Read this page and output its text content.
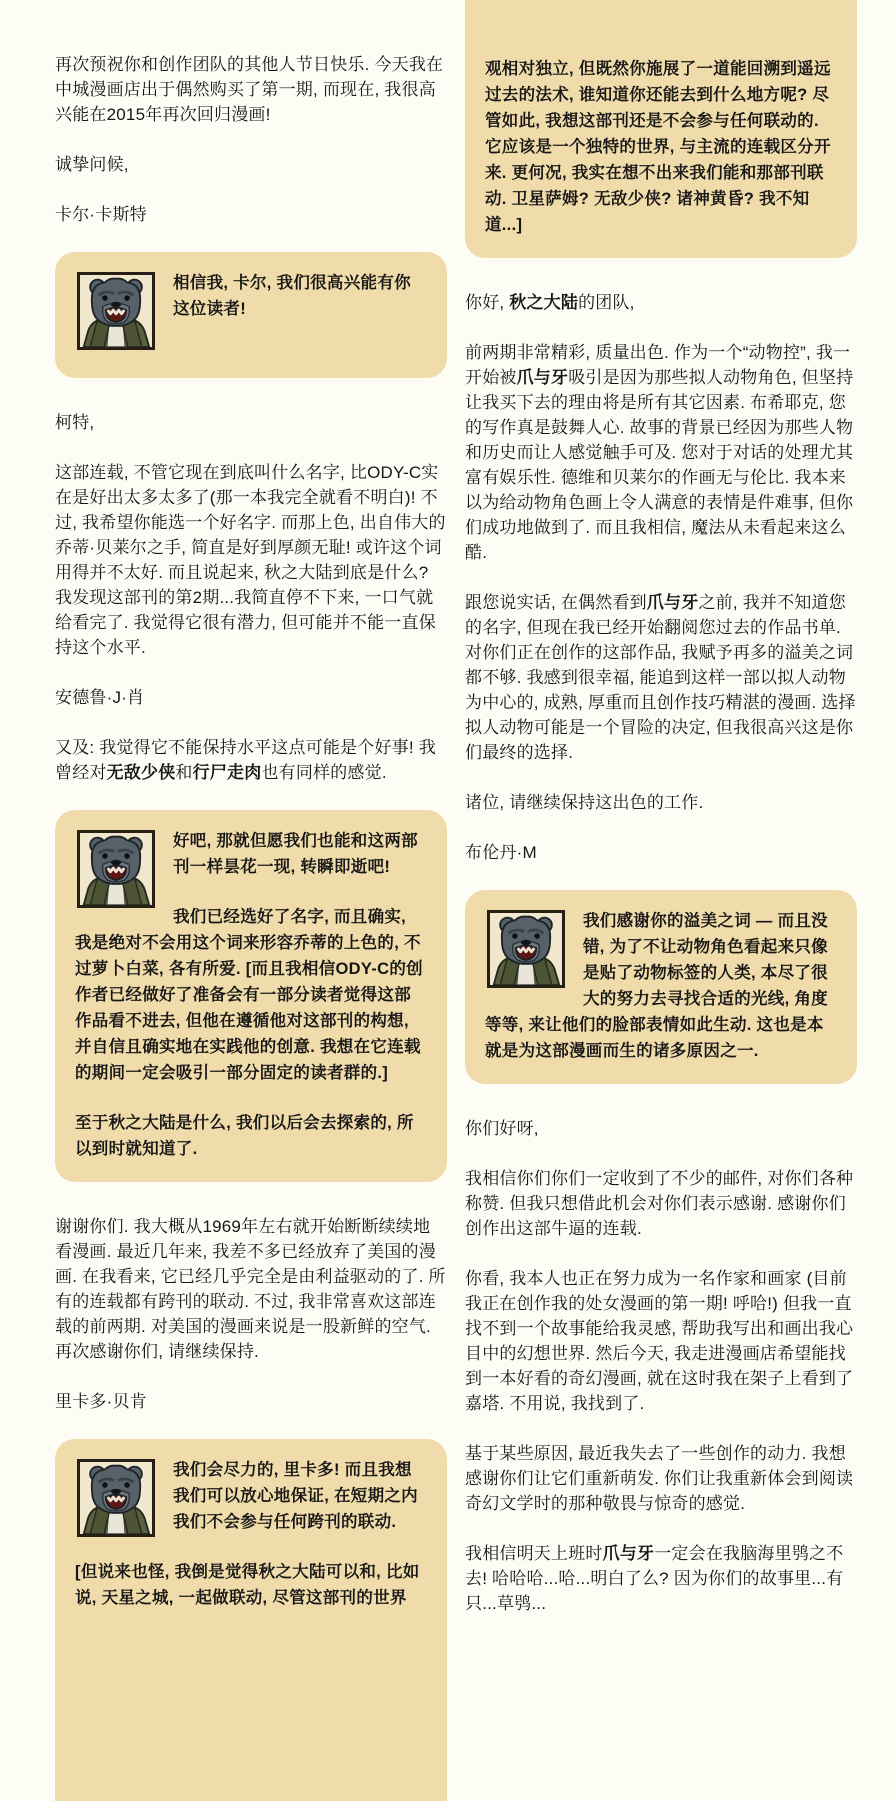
再次预祝你和创作团队的其他人节日快乐. 今天我在中城漫画店出于偶然购买了第一期, 而现在, 我很高兴能在2015年再次回归漫画!

诚挚问候,

卡尔·卡斯特

相信我, 卡尔, 我们很高兴能有你这位读者!

柯特,

这部连载, 不管它现在到底叫什么名字, 比ODY-C实在是好出太多太多了(那一本我完全就看不明白)! 不过, 我希望你能选一个好名字. 而那上色, 出自伟大的乔蒂·贝莱尔之手, 简直是好到厚颜无耻! 或许这个词用得并不太好. 而且说起来, 秋之大陆到底是什么? 我发现这部刊的第2期...我简直停不下来, 一口气就给看完了. 我觉得它很有潜力, 但可能并不能一直保持这个水平.

安德鲁·J·肖

又及: 我觉得它不能保持水平这点可能是个好事! 我曾经对无敌少侠和行尸走肉也有同样的感觉.

好吧, 那就但愿我们也能和这两部刊一样昙花一现, 转瞬即逝吧!

我们已经选好了名字, 而且确实, 我是绝对不会用这个词来形容乔蒂的上色的, 不过萝卜白菜, 各有所爱. [而且我相信ODY-C的创作者已经做好了准备会有一部分读者觉得这部作品看不进去, 但他在遵循他对这部刊的构想, 并自信且确实地在实践他的创意. 我想在它连载的期间一定会吸引一部分固定的读者群的.]

至于秋之大陆是什么, 我们以后会去探索的, 所以到时就知道了.

谢谢你们. 我大概从1969年左右就开始断断续续地看漫画. 最近几年来, 我差不多已经放弃了美国的漫画. 在我看来, 它已经几乎完全是由利益驱动的了. 所有的连载都有跨刊的联动. 不过, 我非常喜欢这部连载的前两期. 对美国的漫画来说是一股新鲜的空气. 再次感谢你们, 请继续保持.

里卡多·贝肯

我们会尽力的, 里卡多! 而且我想我们可以放心地保证, 在短期之内我们不会参与任何跨刊的联动.

[但说来也怪, 我倒是觉得秋之大陆可以和, 比如说, 天星之城, 一起做联动, 尽管这部刊的世界

观相对独立, 但既然你施展了一道能回溯到遥远过去的法术, 谁知道你还能去到什么地方呢? 尽管如此, 我想这部刊还是不会参与任何联动的. 它应该是一个独特的世界, 与主流的连载区分开来. 更何况, 我实在想不出来我们能和那部刊联动. 卫星萨姆? 无敌少侠? 诸神黄昏? 我不知道...]

你好, 秋之大陆的团队,

前两期非常精彩, 质量出色. 作为一个“动物控”, 我一开始被爪与牙吸引是因为那些拟人动物角色, 但坚持让我买下去的理由将是所有其它因素. 布希耶克, 您的写作真是鼓舞人心. 故事的背景已经因为那些人物和历史而让人感觉触手可及. 您对于对话的处理尤其富有娱乐性. 德维和贝莱尔的作画无与伦比. 我本来以为给动物角色画上令人满意的表情是件难事, 但你们成功地做到了. 而且我相信, 魔法从未看起来这么酷.

跟您说实话, 在偶然看到爪与牙之前, 我并不知道您的名字, 但现在我已经开始翻阅您过去的作品书单. 对你们正在创作的这部作品, 我赋予再多的溢美之词都不够. 我感到很幸福, 能追到这样一部以拟人动物为中心的, 成熟, 厚重而且创作技巧精湛的漫画. 选择拟人动物可能是一个冒险的决定, 但我很高兴这是你们最终的选择.

诸位, 请继续保持这出色的工作.

布伦丹·M

我们感谢你的溢美之词 — 而且没错, 为了不让动物角色看起来只像是贴了动物标签的人类, 本尽了很大的努力去寻找合适的光线, 角度等等, 来让他们的脸部表情如此生动. 这也是本就是为这部漫画而生的诸多原因之一.

你们好呀,

我相信你们你们一定收到了不少的邮件, 对你们各种称赞. 但我只想借此机会对你们表示感谢. 感谢你们创作出这部牛逼的连载.

你看, 我本人也正在努力成为一名作家和画家 (目前我正在创作我的处女漫画的第一期! 呼哈!) 但我一直找不到一个故事能给我灵感, 帮助我写出和画出我心目中的幻想世界. 然后今天, 我走进漫画店希望能找到一本好看的奇幻漫画, 就在这时我在架子上看到了嘉塔. 不用说, 我找到了.

基于某些原因, 最近我失去了一些创作的动力. 我想感谢你们让它们重新萌发. 你们让我重新体会到阅读奇幻文学时的那种敬畏与惊奇的感觉.

我相信明天上班时爪与牙一定会在我脑海里鸮之不去! 哈哈哈...哈...明白了么? 因为你们的故事里...有只...草鸮...
